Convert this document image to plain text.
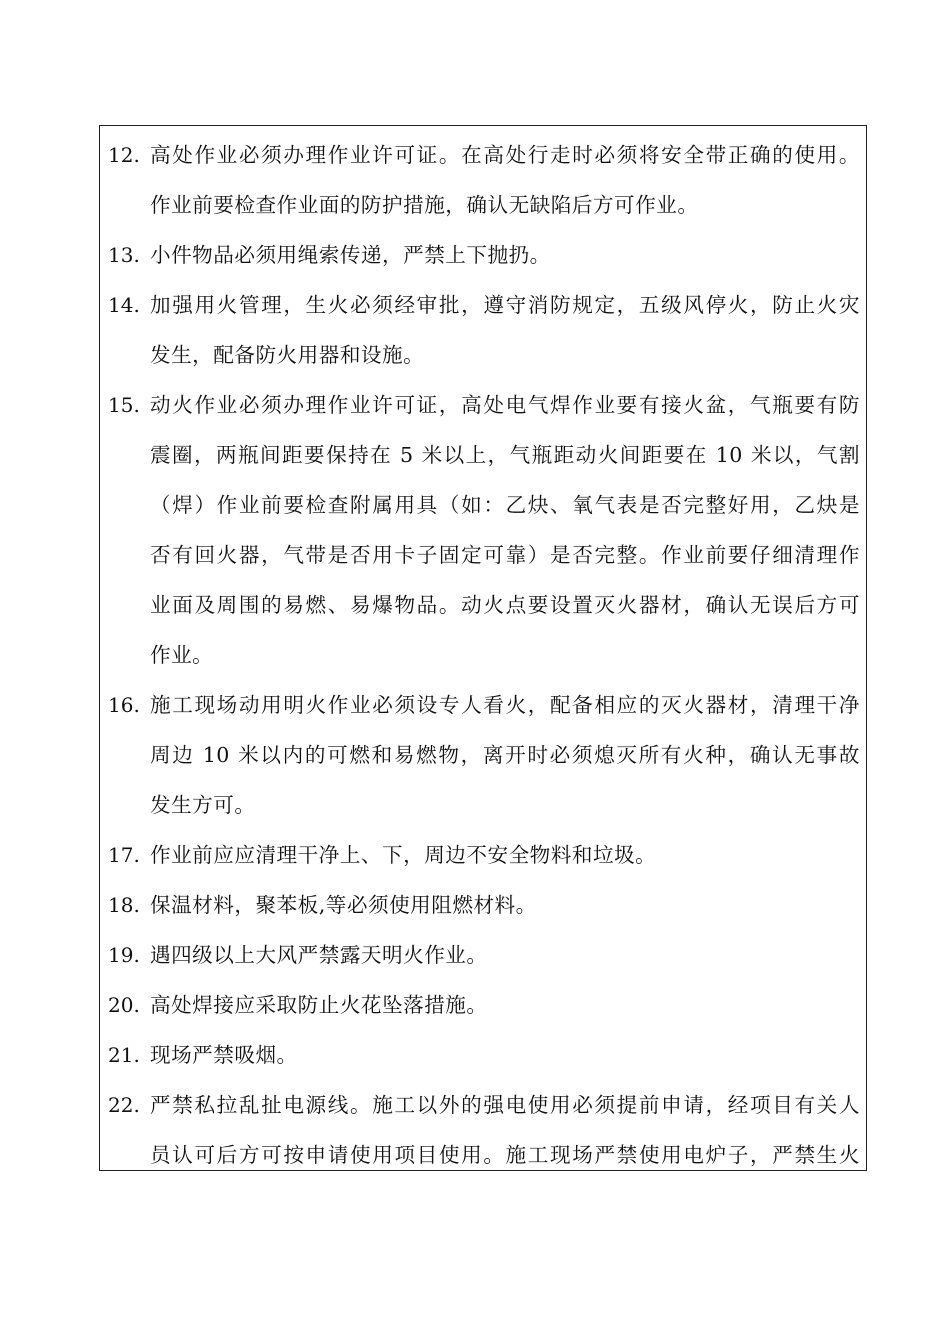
12. 高处作业必须办理作业许可证。在高处行走时必须将安全带正确的使用。
作业前要检查作业面的防护措施，确认无缺陷后方可作业。
13. 小件物品必须用绳索传递，严禁上下抛扔。
14. 加强用火管理，生火必须经审批，遵守消防规定，五级风停火，防止火灾
发生，配备防火用器和设施。
15. 动火作业必须办理作业许可证，高处电气焊作业要有接火盆，气瓶要有防
震圈，两瓶间距要保持在 5 米以上，气瓶距动火间距要在 10 米以，气割
（焊）作业前要检查附属用具（如：乙炔、氧气表是否完整好用，乙炔是
否有回火器，气带是否用卡子固定可靠）是否完整。作业前要仔细清理作
业面及周围的易燃、易爆物品。动火点要设置灭火器材，确认无误后方可
作业。
16. 施工现场动用明火作业必须设专人看火，配备相应的灭火器材，清理干净
周边 10 米以内的可燃和易燃物，离开时必须熄灭所有火种，确认无事故
发生方可。
17. 作业前应应清理干净上、下，周边不安全物料和垃圾。
18. 保温材料，聚苯板,等必须使用阻燃材料。
19. 遇四级以上大风严禁露天明火作业。
20. 高处焊接应采取防止火花坠落措施。
21. 现场严禁吸烟。
22. 严禁私拉乱扯电源线。施工以外的强电使用必须提前申请，经项目有关人
员认可后方可按申请使用项目使用。施工现场严禁使用电炉子，严禁生火
